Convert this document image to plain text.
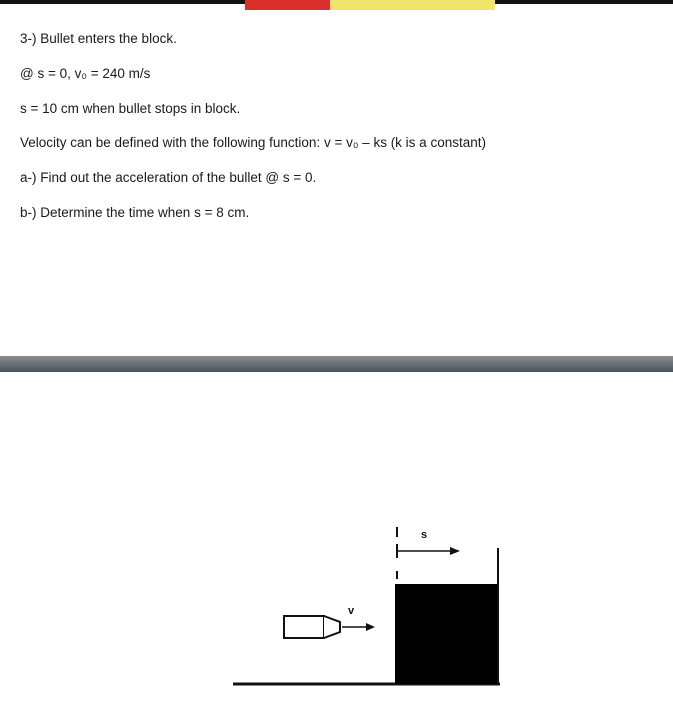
3-) Bullet enters the block.
@ s = 0, v₀ = 240 m/s
s = 10 cm when bullet stops in block.
Velocity can be defined with the following function: v = v₀ – ks (k is a constant)
a-) Find out the acceleration of the bullet @ s = 0.
b-) Determine the time when s = 8 cm.
s
v
